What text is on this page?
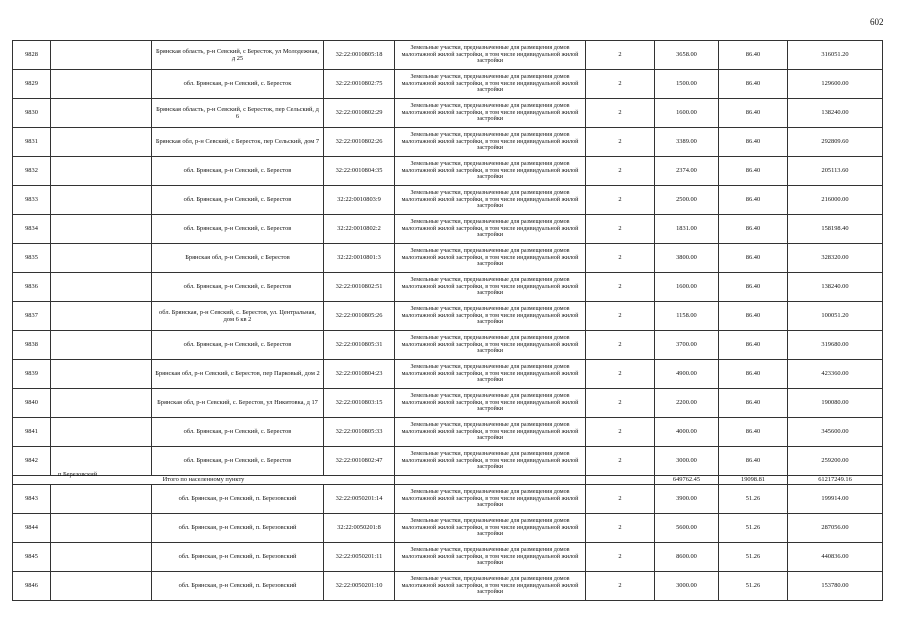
602
9828		Брянская область, р-н Севский, с Бересток, ул Молодежная, д 25	32:22:0010805:18	Земельные участки, предназначенные для размещения домов малоэтажной жилой застройки, в том числе индивидуальной жилой застройки	2	3658.00	86.40	316051.20
9829		обл. Брянская, р-н Севский, с. Бересток	32:22:0010802:75	Земельные участки, предназначенные для размещения домов малоэтажной жилой застройки, в том числе индивидуальной жилой застройки	2	1500.00	86.40	129600.00
9830		Брянская область, р-н Севский, с Бересток, пер Сельский, д 6	32:22:0010802:29	Земельные участки, предназначенные для размещения домов малоэтажной жилой застройки, в том числе индивидуальной жилой застройки	2	1600.00	86.40	138240.00
9831		Брянская обл, р-н Севский, с Бересток, пер Сельский, дом 7	32:22:0010802:26	Земельные участки, предназначенные для размещения домов малоэтажной жилой застройки, в том числе индивидуальной жилой застройки	2	3389.00	86.40	292809.60
9832		обл. Брянская, р-н Севский, с. Берестов	32:22:0010804:35	Земельные участки, предназначенные для размещения домов малоэтажной жилой застройки, в том числе индивидуальной жилой застройки	2	2374.00	86.40	205113.60
9833		обл. Брянская, р-н Севский, с. Берестов	32:22:0010803:9	Земельные участки, предназначенные для размещения домов малоэтажной жилой застройки, в том числе индивидуальной жилой застройки	2	2500.00	86.40	216000.00
9834		обл. Брянская, р-н Севский, с. Берестов	32:22:0010802:2	Земельные участки, предназначенные для размещения домов малоэтажной жилой застройки, в том числе индивидуальной жилой застройки	2	1831.00	86.40	158198.40
9835		Брянская обл, р-н Севский, с Берестов	32:22:0010801:3	Земельные участки, предназначенные для размещения домов малоэтажной жилой застройки, в том числе индивидуальной жилой застройки	2	3800.00	86.40	328320.00
9836		обл. Брянская, р-н Севский, с. Берестов	32:22:0010802:51	Земельные участки, предназначенные для размещения домов малоэтажной жилой застройки, в том числе индивидуальной жилой застройки	2	1600.00	86.40	138240.00
9837		обл. Брянская, р-н Севский, с. Берестов, ул. Центральная, дом 6 кв 2	32:22:0010805:26	Земельные участки, предназначенные для размещения домов малоэтажной жилой застройки, в том числе индивидуальной жилой застройки	2	1158.00	86.40	100051.20
9838		обл. Брянская, р-н Севский, с. Берестов	32:22:0010805:31	Земельные участки, предназначенные для размещения домов малоэтажной жилой застройки, в том числе индивидуальной жилой застройки	2	3700.00	86.40	319680.00
9839		Брянская обл, р-н Севский, с Берестов, пер Парковый, дом 2	32:22:0010804:23	Земельные участки, предназначенные для размещения домов малоэтажной жилой застройки, в том числе индивидуальной жилой застройки	2	4900.00	86.40	423360.00
9840		Брянская обл, р-н Севский, с. Берестов, ул Никитовка, д 17	32:22:0010803:15	Земельные участки, предназначенные для размещения домов малоэтажной жилой застройки, в том числе индивидуальной жилой застройки	2	2200.00	86.40	190080.00
9841		обл. Брянская, р-н Севский, с. Берестов	32:22:0010805:33	Земельные участки, предназначенные для размещения домов малоэтажной жилой застройки, в том числе индивидуальной жилой застройки	2	4000.00	86.40	345600.00
9842		обл. Брянская, р-н Севский, с. Берестов	32:22:0010802:47	Земельные участки, предназначенные для размещения домов малоэтажной жилой застройки, в том числе индивидуальной жилой застройки	2	3000.00	86.40	259200.00
Итого по населенному пункту						649762.45	19098.81	61217249.16
9843		обл. Брянская, р-н Севский, п. Березовский	32:22:0050201:14	Земельные участки, предназначенные для размещения домов малоэтажной жилой застройки, в том числе индивидуальной жилой застройки	2	3900.00	51.26	199914.00
9844		обл. Брянская, р-н Севский, п. Березовский	32:22:0050201:8	Земельные участки, предназначенные для размещения домов малоэтажной жилой застройки, в том числе индивидуальной жилой застройки	2	5600.00	51.26	287056.00
9845		обл. Брянская, р-н Севский, п. Березовский	32:22:0050201:11	Земельные участки, предназначенные для размещения домов малоэтажной жилой застройки, в том числе индивидуальной жилой застройки	2	8600.00	51.26	440836.00
9846		обл. Брянская, р-н Севский, п. Березовский	32:22:0050201:10	Земельные участки, предназначенные для размещения домов малоэтажной жилой застройки, в том числе индивидуальной жилой застройки	2	3000.00	51.26	153780.00
п Березовский
